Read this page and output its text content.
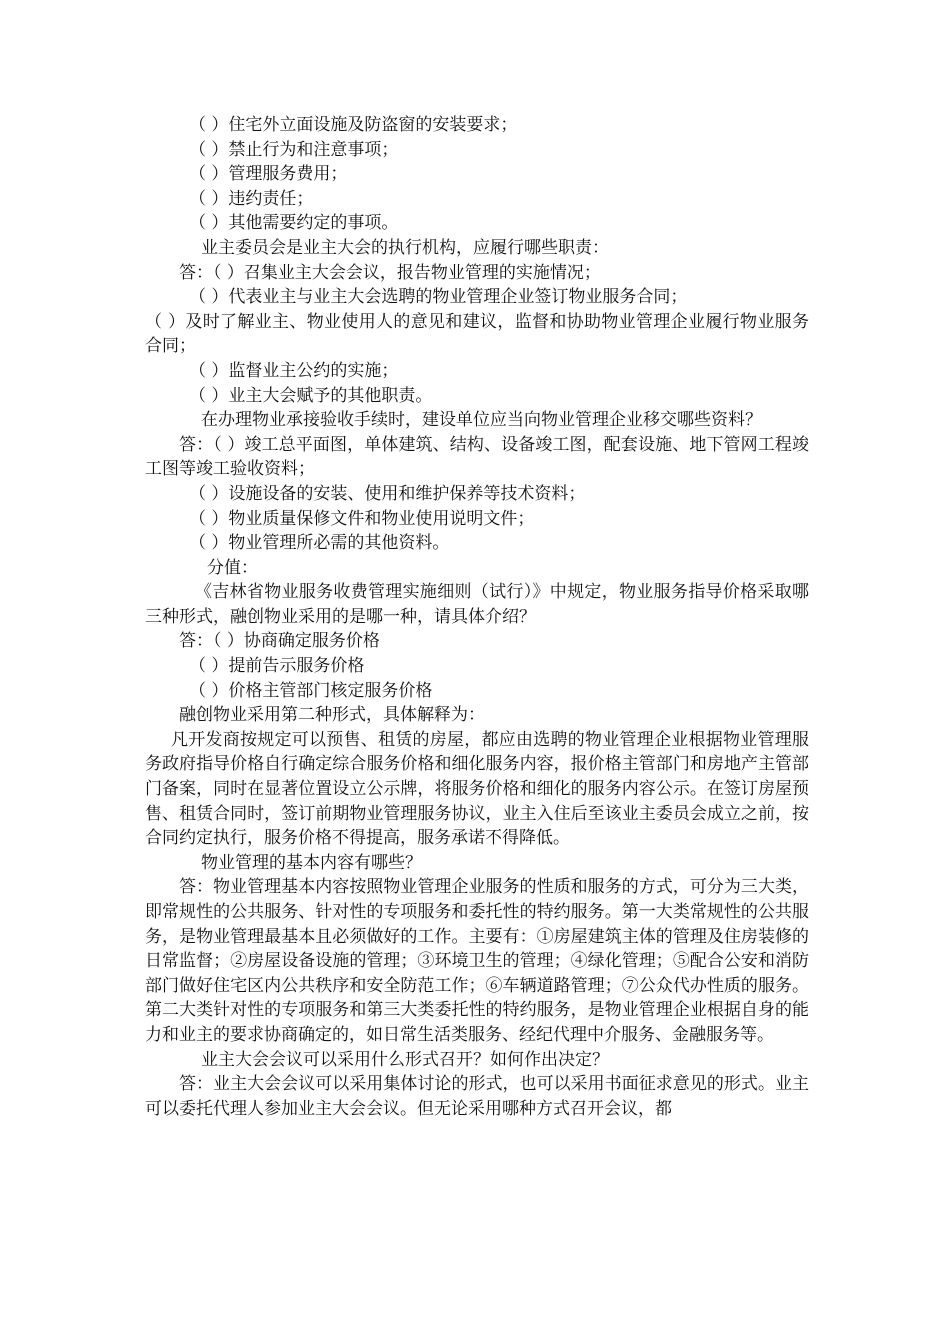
（ ）住宅外立面设施及防盗窗的安装要求；

（ ）禁止行为和注意事项；

（ ）管理服务费用；

（ ）违约责任；

（ ）其他需要约定的事项。

业主委员会是业主大会的执行机构，应履行哪些职责：

答：（ ）召集业主大会会议，报告物业管理的实施情况；

（ ）代表业主与业主大会选聘的物业管理企业签订物业服务合同；

（ ）及时了解业主、物业使用人的意见和建议，监督和协助物业管理企业履行物业服务合同；

（ ）监督业主公约的实施；

（ ）业主大会赋予的其他职责。

在办理物业承接验收手续时，建设单位应当向物业管理企业移交哪些资料？

答：（ ）竣工总平面图，单体建筑、结构、设备竣工图，配套设施、地下管网工程竣工图等竣工验收资料；

（ ）设施设备的安装、使用和维护保养等技术资料；

（ ）物业质量保修文件和物业使用说明文件；

（ ）物业管理所必需的其他资料。

分值：

《吉林省物业服务收费管理实施细则（试行）》中规定，物业服务指导价格采取哪三种形式，融创物业采用的是哪一种，请具体介绍？

答：（ ）协商确定服务价格

（ ）提前告示服务价格

（ ）价格主管部门核定服务价格

融创物业采用第二种形式，具体解释为：

凡开发商按规定可以预售、租赁的房屋，都应由选聘的物业管理企业根据物业管理服务政府指导价格自行确定综合服务价格和细化服务内容，报价格主管部门和房地产主管部门备案，同时在显著位置设立公示牌，将服务价格和细化的服务内容公示。在签订房屋预售、租赁合同时，签订前期物业管理服务协议，业主入住后至该业主委员会成立之前，按合同约定执行，服务价格不得提高，服务承诺不得降低。

物业管理的基本内容有哪些？

答：物业管理基本内容按照物业管理企业服务的性质和服务的方式，可分为三大类，即常规性的公共服务、针对性的专项服务和委托性的特约服务。第一大类常规性的公共服务，是物业管理最基本且必须做好的工作。主要有：①房屋建筑主体的管理及住房装修的日常监督；②房屋设备设施的管理；③环境卫生的管理；④绿化管理；⑤配合公安和消防部门做好住宅区内公共秩序和安全防范工作；⑥车辆道路管理；⑦公众代办性质的服务。第二大类针对性的专项服务和第三大类委托性的特约服务，是物业管理企业根据自身的能力和业主的要求协商确定的，如日常生活类服务、经纪代理中介服务、金融服务等。

业主大会会议可以采用什么形式召开？如何作出决定？

答：业主大会会议可以采用集体讨论的形式，也可以采用书面征求意见的形式。业主可以委托代理人参加业主大会会议。但无论采用哪种方式召开会议，都
